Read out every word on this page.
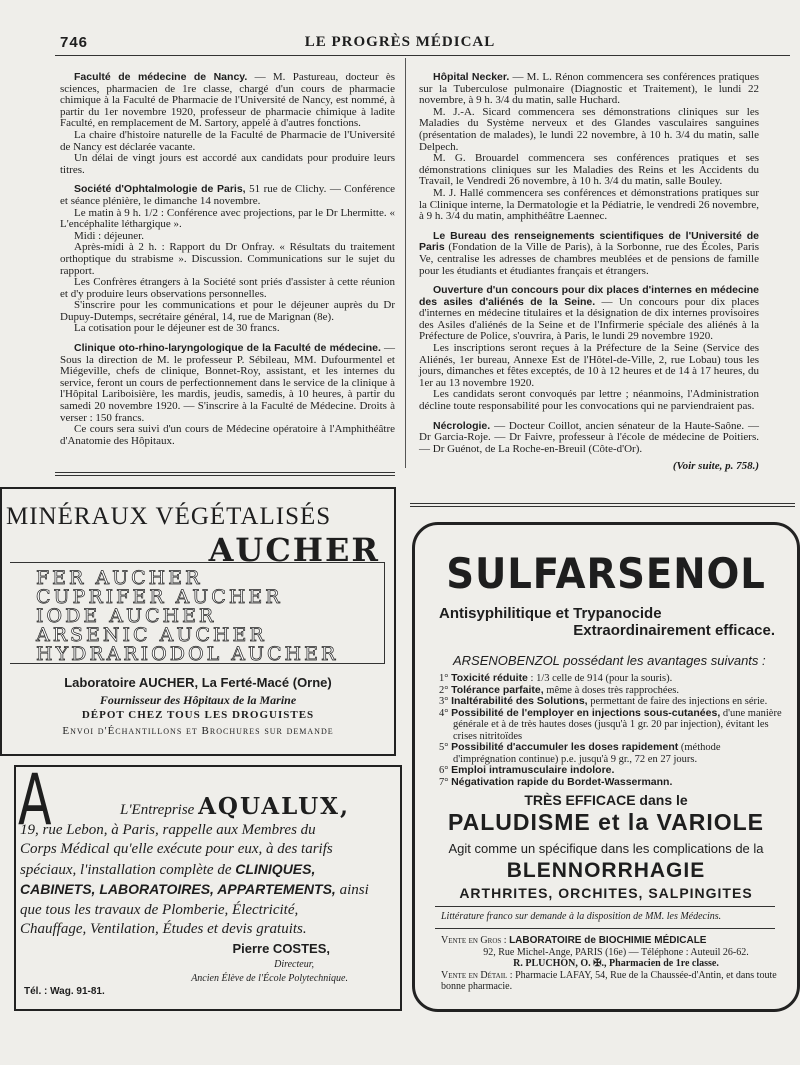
746	LE PROGRÈS MÉDICAL

Faculté de médecine de Nancy. — M. Pastureau, docteur ès sciences, pharmacien de 1re classe, chargé d'un cours de pharmacie chimique à la Faculté de Pharmacie de l'Université de Nancy, est nommé, à partir du 1er novembre 1920, professeur de pharmacie chimique à ladite Faculté, en remplacement de M. Sartory, appelé à d'autres fonctions.

La chaire d'histoire naturelle de la Faculté de Pharmacie de l'Université de Nancy est déclarée vacante.

Un délai de vingt jours est accordé aux candidats pour produire leurs titres.

Société d'Ophtalmologie de Paris, 51 rue de Clichy. — Conférence et séance plénière, le dimanche 14 novembre.

Le matin à 9 h. 1/2 : Conférence avec projections, par le Dr Lhermitte. « L'encéphalite léthargique ».

Midi : déjeuner.

Après-midi à 2 h. : Rapport du Dr Onfray. « Résultats du traitement orthoptique du strabisme ». Discussion. Communications sur le sujet du rapport.

Les Confrères étrangers à la Société sont priés d'assister à cette réunion et d'y produire leurs observations personnelles.

S'inscrire pour les communications et pour le déjeuner auprès du Dr Dupuy-Dutemps, secrétaire général, 14, rue de Marignan (8e).

La cotisation pour le déjeuner est de 30 francs.

Clinique oto-rhino-laryngologique de la Faculté de médecine. — Sous la direction de M. le professeur P. Sébileau, MM. Dufourmentel et Miégeville, chefs de clinique, Bonnet-Roy, assistant, et les internes du service, feront un cours de perfectionnement dans le service de la clinique à l'Hôpital Lariboisière, les mardis, jeudis, samedis, à 10 heures, à partir du samedi 20 novembre 1920. — S'inscrire à la Faculté de Médecine. Droits à verser : 150 francs.

Ce cours sera suivi d'un cours de Médecine opératoire à l'Amphithéâtre d'Anatomie des Hôpitaux.

Hôpital Necker. — M. L. Rénon commencera ses conférences pratiques sur la Tuberculose pulmonaire (Diagnostic et Traitement), le lundi 22 novembre, à 9 h. 3/4 du matin, salle Huchard.

M. J.-A. Sicard commencera ses démonstrations cliniques sur les Maladies du Système nerveux et des Glandes vasculaires sanguines (présentation de malades), le lundi 22 novembre, à 10 h. 3/4 du matin, salle Delpech.

M. G. Brouardel commencera ses conférences pratiques et ses démonstrations cliniques sur les Maladies des Reins et les Accidents du Travail, le Vendredi 26 novembre, à 10 h. 3/4 du matin, salle Bouley.

M. J. Hallé commencera ses conférences et démonstrations pratiques sur la Clinique interne, la Dermatologie et la Pédiatrie, le vendredi 26 novembre, à 9 h. 3/4 du matin, amphithéâtre Laennec.

Le Bureau des renseignements scientifiques de l'Université de Paris (Fondation de la Ville de Paris), à la Sorbonne, rue des Écoles, Paris Ve, centralise les adresses de chambres meublées et de pensions de famille pour les étudiants et étudiantes français et étrangers.

Ouverture d'un concours pour dix places d'internes en médecine des asiles d'aliénés de la Seine. — Un concours pour dix places d'internes en médecine titulaires et la désignation de dix internes provisoires des Asiles d'aliénés de la Seine et de l'Infirmerie spéciale des aliénés à la Préfecture de Police, s'ouvrira, à Paris, le lundi 29 novembre 1920.

Les inscriptions seront reçues à la Préfecture de la Seine (Service des Aliénés, 1er bureau, Annexe Est de l'Hôtel-de-Ville, 2, rue Lobau) tous les jours, dimanches et fêtes exceptés, de 10 à 12 heures et de 14 à 17 heures, du 1er au 13 novembre 1920.

Les candidats seront convoqués par lettre ; néanmoins, l'Administration décline toute responsabilité pour les convocations qui ne parviendraient pas.

Nécrologie. — Docteur Coillot, ancien sénateur de la Haute-Saône. — Dr Garcia-Roje. — Dr Faivre, professeur à l'école de médecine de Poitiers. — Dr Guénot, de La Roche-en-Breuil (Côte-d'Or).

(Voir suite, p. 758.)
MINÉRAUX VÉGÉTALISÉS
AUCHER
FER AUCHER
CUPRIFER AUCHER
IODE AUCHER
ARSENIC AUCHER
HYDRARIODOL AUCHER
Laboratoire AUCHER, La Ferté-Macé (Orne)
Fournisseur des Hôpitaux de la Marine
DÉPOT CHEZ TOUS LES DROGUISTES
Envoi d'Échantillons et Brochures sur demande
A	L'Entreprise AQUALUX,
19, rue Lebon, à Paris, rappelle aux Membres du
Corps Médical qu'elle exécute pour eux, à des tarifs
spéciaux, l'installation complète de CLINIQUES,
CABINETS, LABORATOIRES, APPARTEMENTS, ainsi
que tous les travaux de Plomberie, Électricité,
Chauffage, Ventilation, Études et devis gratuits.
Pierre COSTES,
Directeur,
Ancien Élève de l'École Polytechnique.
Tél. : Wag. 91-81.
SULFARSENOL
Antisyphilitique et Trypanocide
Extraordinairement efficace.
ARSENOBENZOL possédant les avantages suivants :
1° Toxicité réduite : 1/3 celle de 914 (pour la souris).
2° Tolérance parfaite, même à doses très rapprochées.
3° Inaltérabilité des Solutions, permettant de faire des injections en série.
4° Possibilité de l'employer en injections sous-cutanées, d'une manière générale et à de très hautes doses (jusqu'à 1 gr. 20 par injection), évitant les crises nitritoïdes
5° Possibilité d'accumuler les doses rapidement (méthode d'imprégnation continue) p.e. jusqu'à 9 gr., 72 en 27 jours.
6° Emploi intramusculaire indolore.
7° Négativation rapide du Bordet-Wassermann.
TRÈS EFFICACE dans le
PALUDISME et la VARIOLE
Agit comme un spécifique dans les complications de la
BLENNORRHAGIE
ARTHRITES, ORCHITES, SALPINGITES
Littérature franco sur demande à la disposition de MM. les Médecins.
Vente en Gros : LABORATOIRE de BIOCHIMIE MÉDICALE
92, Rue Michel-Ange, PARIS (16e) — Téléphone : Auteuil 26-62.
R. PLUCHON, O. ✠., Pharmacien de 1re classe.
Vente en Détail : Pharmacie LAFAY, 54, Rue de la Chaussée-d'Antin, et dans toute bonne pharmacie.
